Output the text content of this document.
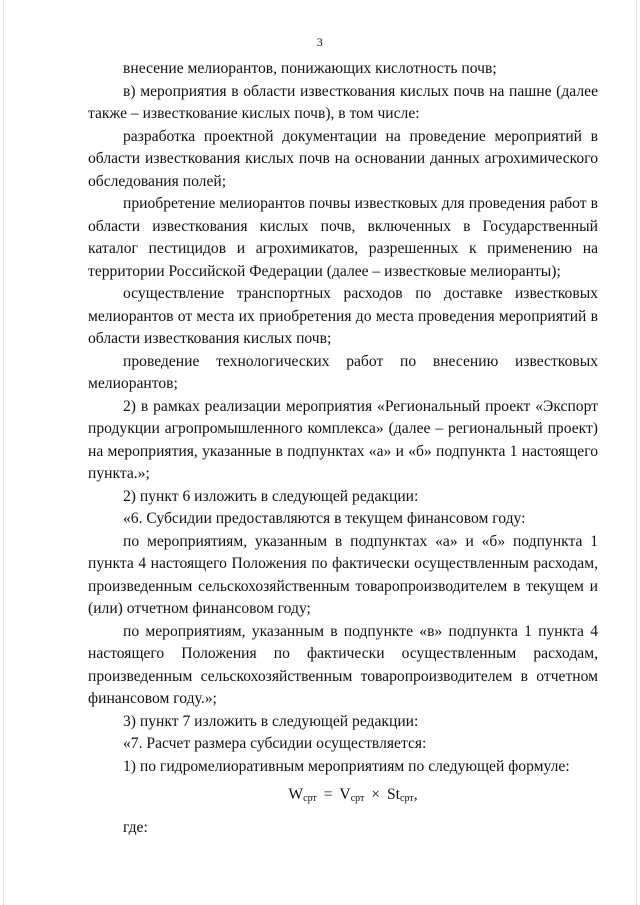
3

внесение мелиорантов, понижающих кислотность почв;

в) мероприятия в области известкования кислых почв на пашне (далее также – известкование кислых почв), в том числе:

разработка проектной документации на проведение мероприятий в области известкования кислых почв на основании данных агрохимического обследования полей;

приобретение мелиорантов почвы известковых для проведения работ в области известкования кислых почв, включенных в Государственный каталог пестицидов и агрохимикатов, разрешенных к применению на территории Российской Федерации (далее – известковые мелиоранты);

осуществление транспортных расходов по доставке известковых мелиорантов от места их приобретения до места проведения мероприятий в области известкования кислых почв;

проведение технологических работ по внесению известковых мелиорантов;

2) в рамках реализации мероприятия «Региональный проект «Экспорт продукции агропромышленного комплекса» (далее – региональный проект) на мероприятия, указанные в подпунктах «а» и «б» подпункта 1 настоящего пункта.»;

2) пункт 6 изложить в следующей редакции:

«6. Субсидии предоставляются в текущем финансовом году:

по мероприятиям, указанным в подпунктах «а» и «б» подпункта 1 пункта 4 настоящего Положения по фактически осуществленным расходам, произведенным сельскохозяйственным товаропроизводителем в текущем и (или) отчетном финансовом году;

по мероприятиям, указанным в подпункте «в» подпункта 1 пункта 4 настоящего Положения по фактически осуществленным расходам, произведенным сельскохозяйственным товаропроизводителем в отчетном финансовом году.»;

3) пункт 7 изложить в следующей редакции:

«7. Расчет размера субсидии осуществляется:

1) по гидромелиоративным мероприятиям по следующей формуле:

$W_{срт} = V_{срт} \times St_{срт}$,

где:
